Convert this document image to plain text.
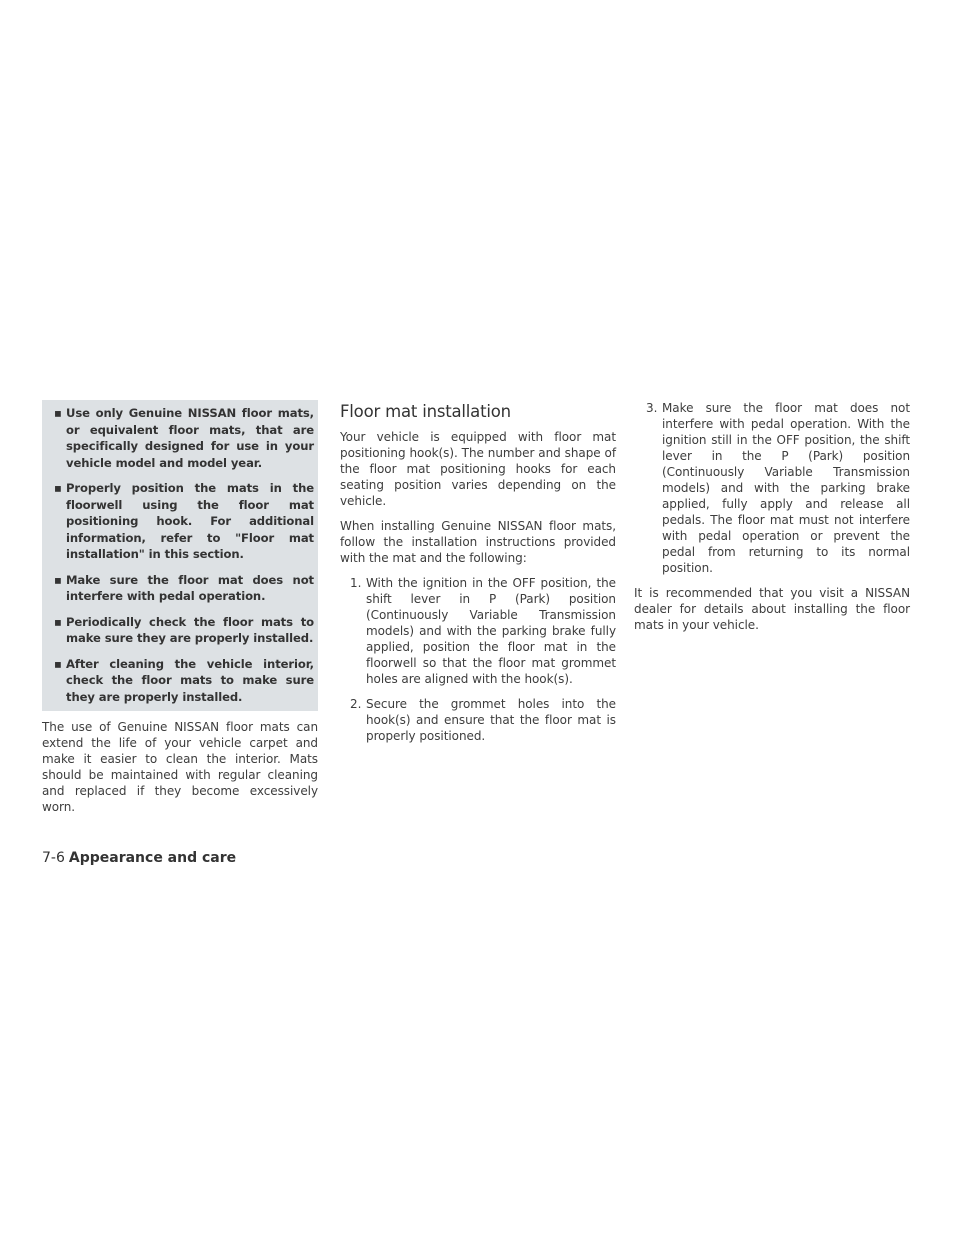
▪ Use only Genuine NISSAN floor mats, or equivalent floor mats, that are specifically designed for use in your vehicle model and model year.
▪ Properly position the mats in the floorwell using the floor mat positioning hook. For additional information, refer to "Floor mat installation" in this section.
▪ Make sure the floor mat does not interfere with pedal operation.
▪ Periodically check the floor mats to make sure they are properly installed.
▪ After cleaning the vehicle interior, check the floor mats to make sure they are properly installed.

The use of Genuine NISSAN floor mats can extend the life of your vehicle carpet and make it easier to clean the interior. Mats should be maintained with regular cleaning and replaced if they become excessively worn.

Floor mat installation

Your vehicle is equipped with floor mat positioning hook(s). The number and shape of the floor mat positioning hooks for each seating position varies depending on the vehicle.

When installing Genuine NISSAN floor mats, follow the installation instructions provided with the mat and the following:

1. With the ignition in the OFF position, the shift lever in P (Park) position (Continuously Variable Transmission models) and with the parking brake fully applied, position the floor mat in the floorwell so that the floor mat grommet holes are aligned with the hook(s).
2. Secure the grommet holes into the hook(s) and ensure that the floor mat is properly positioned.
3. Make sure the floor mat does not interfere with pedal operation. With the ignition still in the OFF position, the shift lever in the P (Park) position (Continuously Variable Transmission models) and with the parking brake applied, fully apply and release all pedals. The floor mat must not interfere with pedal operation or prevent the pedal from returning to its normal position.

It is recommended that you visit a NISSAN dealer for details about installing the floor mats in your vehicle.

7-6 Appearance and care
